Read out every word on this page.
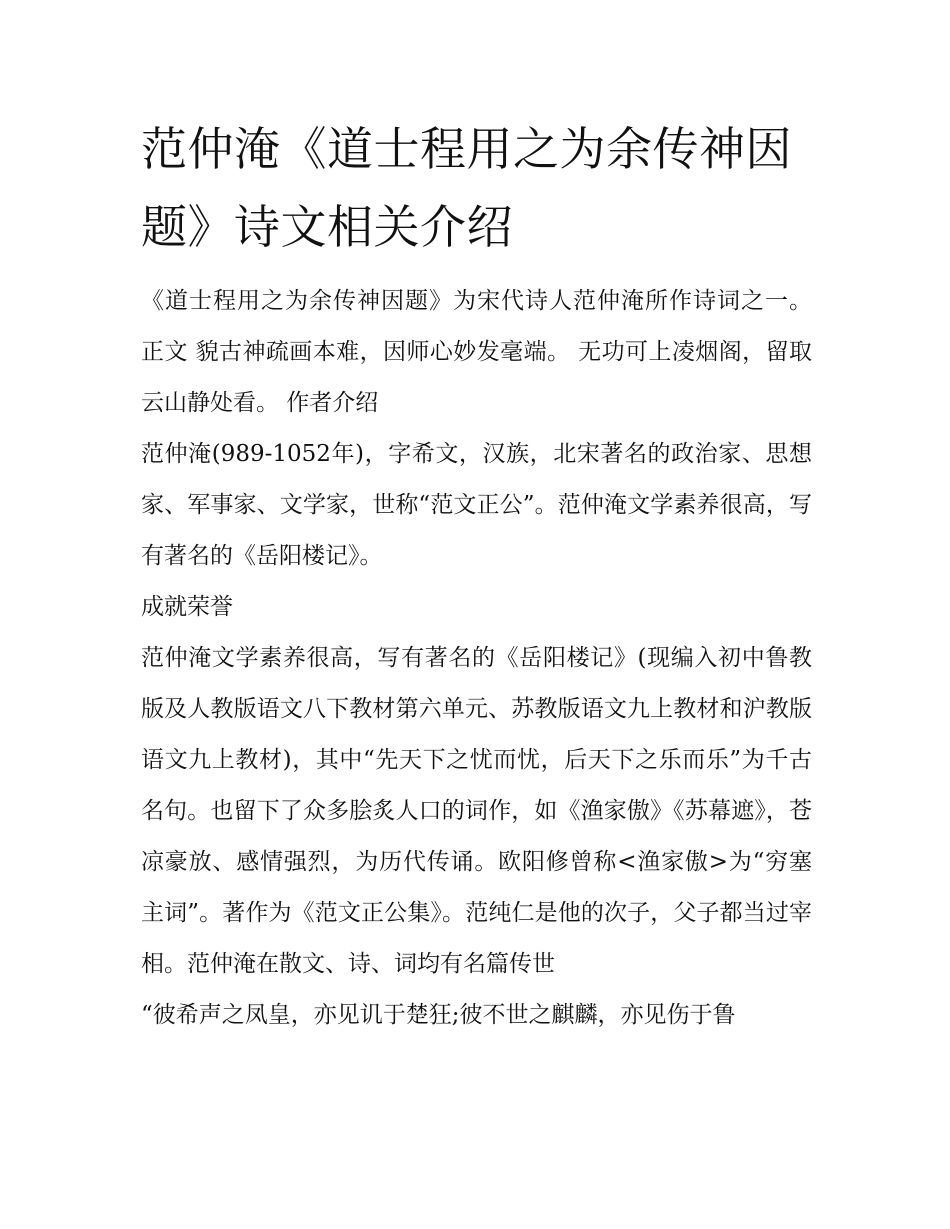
范仲淹《道士程用之为余传神因题》诗文相关介绍

《道士程用之为余传神因题》为宋代诗人范仲淹所作诗词之一。 正文 貌古神疏画本难，因师心妙发毫端。 无功可上凌烟阁，留取云山静处看。 作者介绍

范仲淹(989-1052年)，字希文，汉族，北宋著名的政治家、思想家、军事家、文学家，世称“范文正公”。范仲淹文学素养很高，写有著名的《岳阳楼记》。

成就荣誉

范仲淹文学素养很高，写有著名的《岳阳楼记》(现编入初中鲁教版及人教版语文八下教材第六单元、苏教版语文九上教材和沪教版语文九上教材)，其中“先天下之忧而忧，后天下之乐而乐”为千古名句。也留下了众多脍炙人口的词作，如《渔家傲》《苏幕遮》，苍凉豪放、感情强烈，为历代传诵。欧阳修曾称<渔家傲>为“穷塞主词”。著作为《范文正公集》。范纯仁是他的次子，父子都当过宰相。范仲淹在散文、诗、词均有名篇传世

“彼希声之凤皇，亦见讥于楚狂;彼不世之麒麟，亦见伤于鲁
